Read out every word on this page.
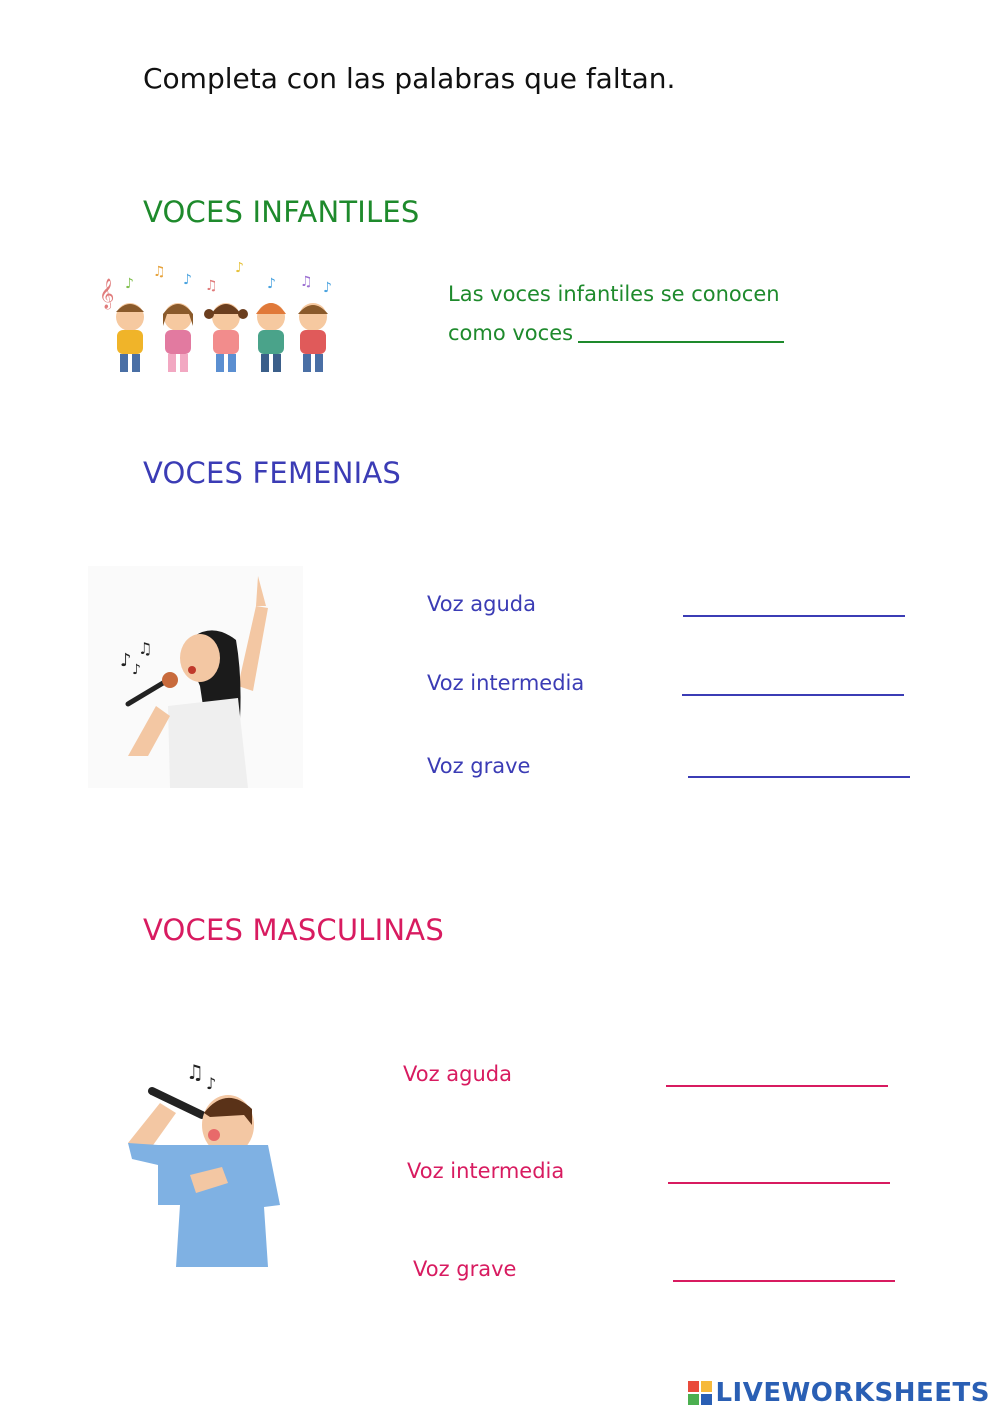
Completa con las palabras que faltan.
VOCES INFANTILES
𝄞 ♪
♫ ♪ ♫
♪
♪ ♫ ♪	Las voces infantiles se conocen
como voces
VOCES FEMENIAS
♪
♫
♪
Voz aguda
Voz intermedia
Voz grave
VOCES MASCULINAS
♫ ♪	Voz aguda
Voz intermedia
Voz grave
LIVEWORKSHEETS
